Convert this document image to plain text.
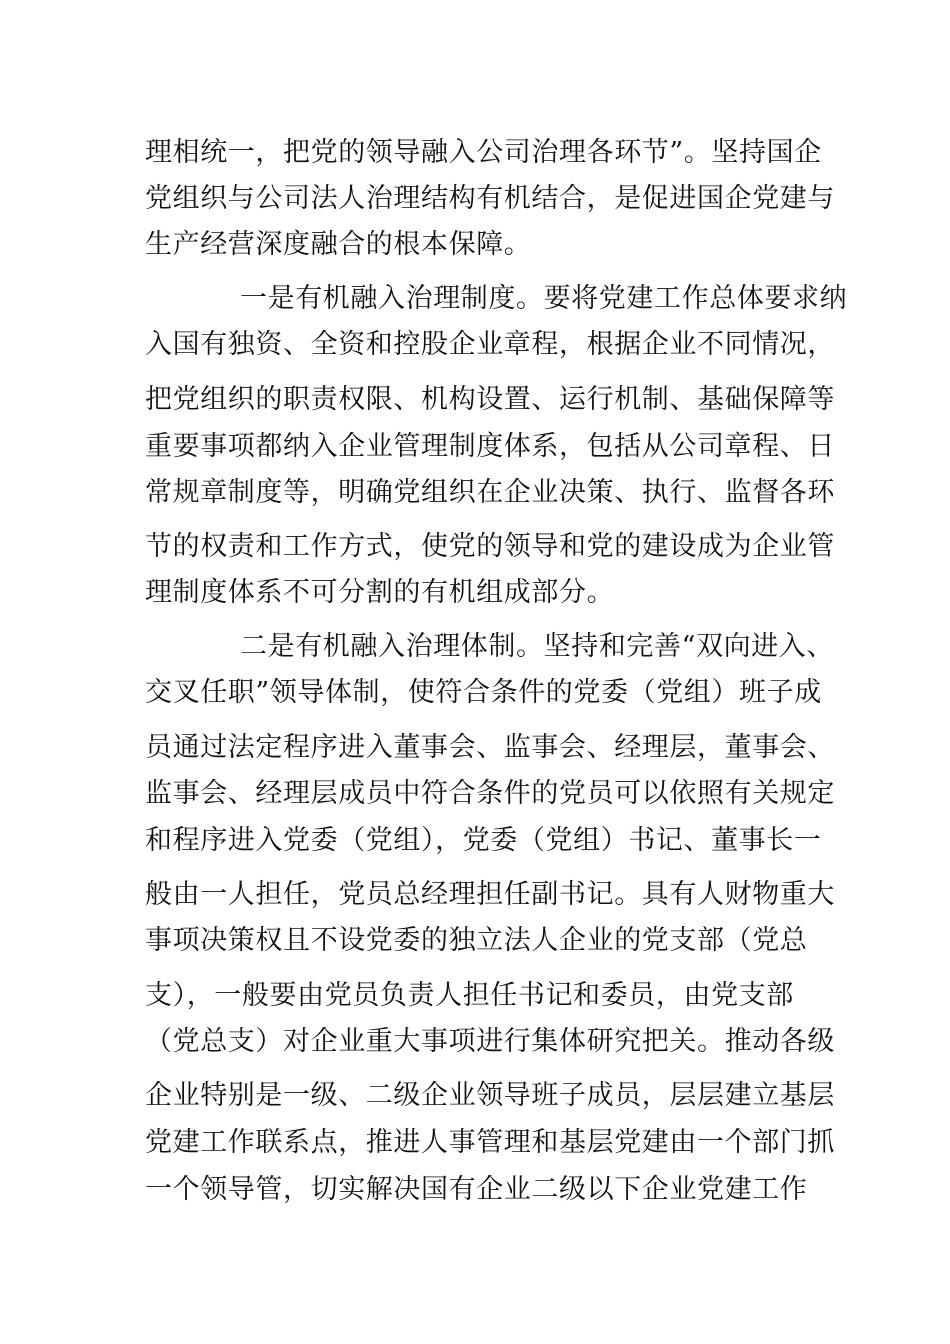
理相统一，把党的领导融入公司治理各环节”。坚持国企
党组织与公司法人治理结构有机结合，是促进国企党建与
生产经营深度融合的根本保障。
一是有机融入治理制度。要将党建工作总体要求纳
入国有独资、全资和控股企业章程，根据企业不同情况，
把党组织的职责权限、机构设置、运行机制、基础保障等
重要事项都纳入企业管理制度体系，包括从公司章程、日
常规章制度等，明确党组织在企业决策、执行、监督各环
节的权责和工作方式，使党的领导和党的建设成为企业管
理制度体系不可分割的有机组成部分。
二是有机融入治理体制。坚持和完善“双向进入、
交叉任职”领导体制，使符合条件的党委（党组）班子成
员通过法定程序进入董事会、监事会、经理层，董事会、
监事会、经理层成员中符合条件的党员可以依照有关规定
和程序进入党委（党组），党委（党组）书记、董事长一
般由一人担任，党员总经理担任副书记。具有人财物重大
事项决策权且不设党委的独立法人企业的党支部（党总
支），一般要由党员负责人担任书记和委员，由党支部
（党总支）对企业重大事项进行集体研究把关。推动各级
企业特别是一级、二级企业领导班子成员，层层建立基层
党建工作联系点，推进人事管理和基层党建由一个部门抓
一个领导管，切实解决国有企业二级以下企业党建工作
